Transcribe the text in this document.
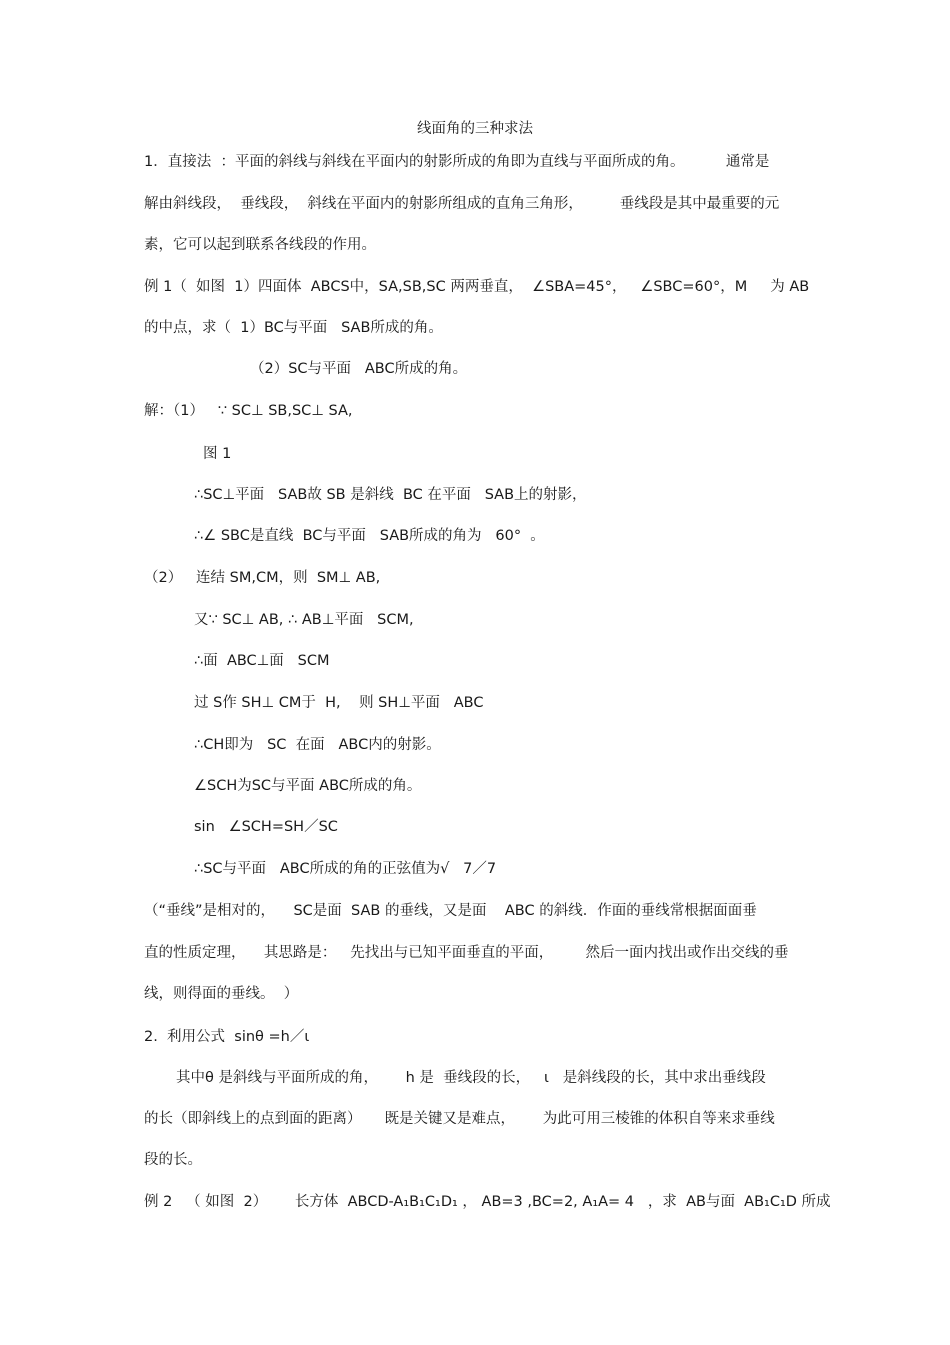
线面角的三种求法
1．直接法  ：平面的斜线与斜线在平面内的射影所成的角即为直线与平面所成的角。         通常是
解由斜线段，  垂线段，  斜线在平面内的射影所组成的直角三角形，        垂线段是其中最重要的元
素，它可以起到联系各线段的作用。
例 1（  如图  1）四面体  ABCS中，SA,SB,SC 两两垂直，  ∠SBA=45°，   ∠SBC=60°，M     为 AB
的中点，求（  1）BC与平面   SAB所成的角。
（2）SC与平面   ABC所成的角。
解：（1）   ∵ SC⊥ SB,SC⊥ SA,
图 1
∴SC⊥平面   SAB故 SB 是斜线  BC 在平面   SAB上的射影，
∴∠ SBC是直线  BC与平面   SAB所成的角为   60°  。
（2）   连结 SM,CM，则  SM⊥ AB,
又∵ SC⊥ AB, ∴ AB⊥平面   SCM,
∴面  ABC⊥面   SCM
过 S作 SH⊥ CM于  H,    则 SH⊥平面   ABC
∴CH即为   SC  在面   ABC内的射影。
∠SCH为SC与平面 ABC所成的角。
sin   ∠SCH=SH／SC
∴SC与平面   ABC所成的角的正弦值为√   7／7
（“垂线”是相对的，    SC是面  SAB 的垂线，又是面    ABC 的斜线．作面的垂线常根据面面垂
直的性质定理，    其思路是：   先找出与已知平面垂直的平面，       然后一面内找出或作出交线的垂
线，则得面的垂线。  ）
2.  利用公式  sinθ =h／ι
其中θ 是斜线与平面所成的角，      h 是  垂线段的长，   ι   是斜线段的长，其中求出垂线段
的长（即斜线上的点到面的距离）     既是关键又是难点，      为此可用三棱锥的体积自等来求垂线
段的长。
例 2   （ 如图  2）      长方体  ABCD-A₁B₁C₁D₁ ， AB=3 ,BC=2, A₁A= 4   ，求  AB与面  AB₁C₁D 所成
